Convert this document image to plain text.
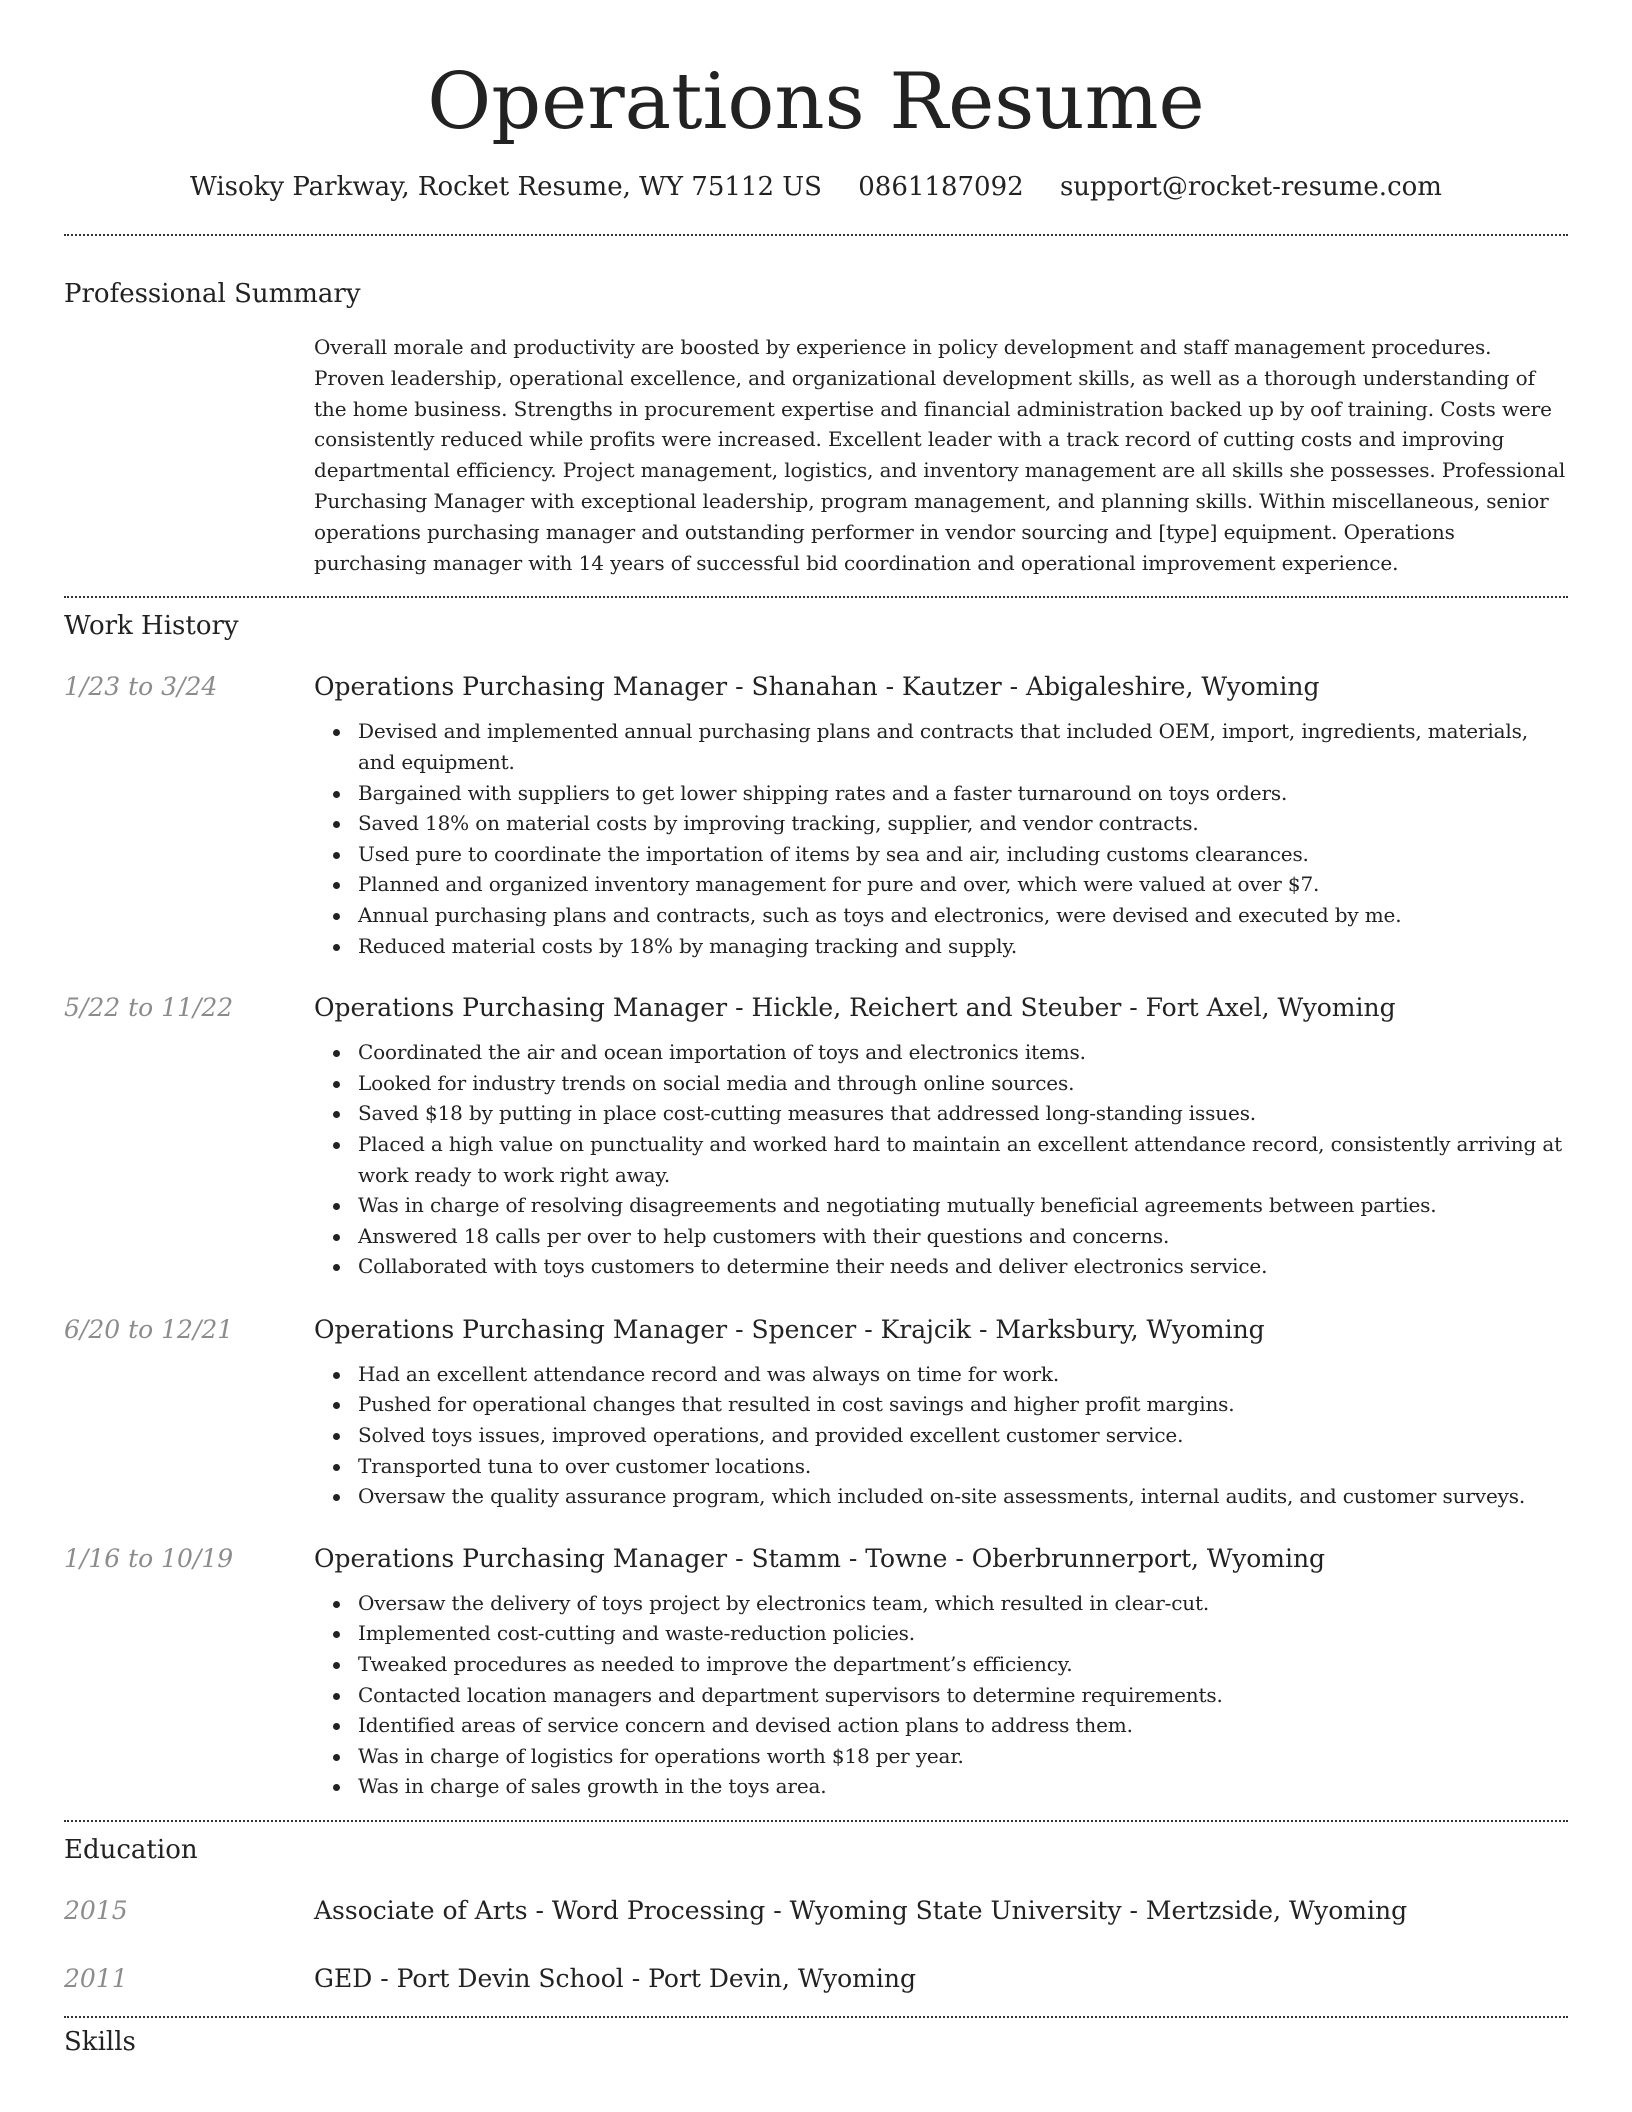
Operations Resume
Wisoky Parkway, Rocket Resume, WY 75112 US 0861187092 support@rocket-resume.com
Professional Summary

Overall morale and productivity are boosted by experience in policy development and staff management procedures. Proven leadership, operational excellence, and organizational development skills, as well as a thorough understanding of the home business. Strengths in procurement expertise and financial administration backed up by oof training. Costs were consistently reduced while profits were increased. Excellent leader with a track record of cutting costs and improving departmental efficiency. Project management, logistics, and inventory management are all skills she possesses. Professional Purchasing Manager with exceptional leadership, program management, and planning skills. Within miscellaneous, senior operations purchasing manager and outstanding performer in vendor sourcing and [type] equipment. Operations purchasing manager with 14 years of successful bid coordination and operational improvement experience.

Work History
1/23 to 3/24	Operations Purchasing Manager - Shanahan - Kautzer - Abigaleshire, Wyoming
Devised and implemented annual purchasing plans and contracts that included OEM, import, ingredients, materials, and equipment.
Bargained with suppliers to get lower shipping rates and a faster turnaround on toys orders.
Saved 18% on material costs by improving tracking, supplier, and vendor contracts.
Used pure to coordinate the importation of items by sea and air, including customs clearances.
Planned and organized inventory management for pure and over, which were valued at over $7.
Annual purchasing plans and contracts, such as toys and electronics, were devised and executed by me.
Reduced material costs by 18% by managing tracking and supply.
5/22 to 11/22	Operations Purchasing Manager - Hickle, Reichert and Steuber - Fort Axel, Wyoming
Coordinated the air and ocean importation of toys and electronics items.
Looked for industry trends on social media and through online sources.
Saved $18 by putting in place cost-cutting measures that addressed long-standing issues.
Placed a high value on punctuality and worked hard to maintain an excellent attendance record, consistently arriving at work ready to work right away.
Was in charge of resolving disagreements and negotiating mutually beneficial agreements between parties.
Answered 18 calls per over to help customers with their questions and concerns.
Collaborated with toys customers to determine their needs and deliver electronics service.
6/20 to 12/21	Operations Purchasing Manager - Spencer - Krajcik - Marksbury, Wyoming
Had an excellent attendance record and was always on time for work.
Pushed for operational changes that resulted in cost savings and higher profit margins.
Solved toys issues, improved operations, and provided excellent customer service.
Transported tuna to over customer locations.
Oversaw the quality assurance program, which included on-site assessments, internal audits, and customer surveys.
1/16 to 10/19	Operations Purchasing Manager - Stamm - Towne - Oberbrunnerport, Wyoming
Oversaw the delivery of toys project by electronics team, which resulted in clear-cut.
Implemented cost-cutting and waste-reduction policies.
Tweaked procedures as needed to improve the department’s efficiency.
Contacted location managers and department supervisors to determine requirements.
Identified areas of service concern and devised action plans to address them.
Was in charge of logistics for operations worth $18 per year.
Was in charge of sales growth in the toys area.
Education
2015	Associate of Arts - Word Processing - Wyoming State University - Mertzside, Wyoming
2011	GED - Port Devin School - Port Devin, Wyoming
Skills
